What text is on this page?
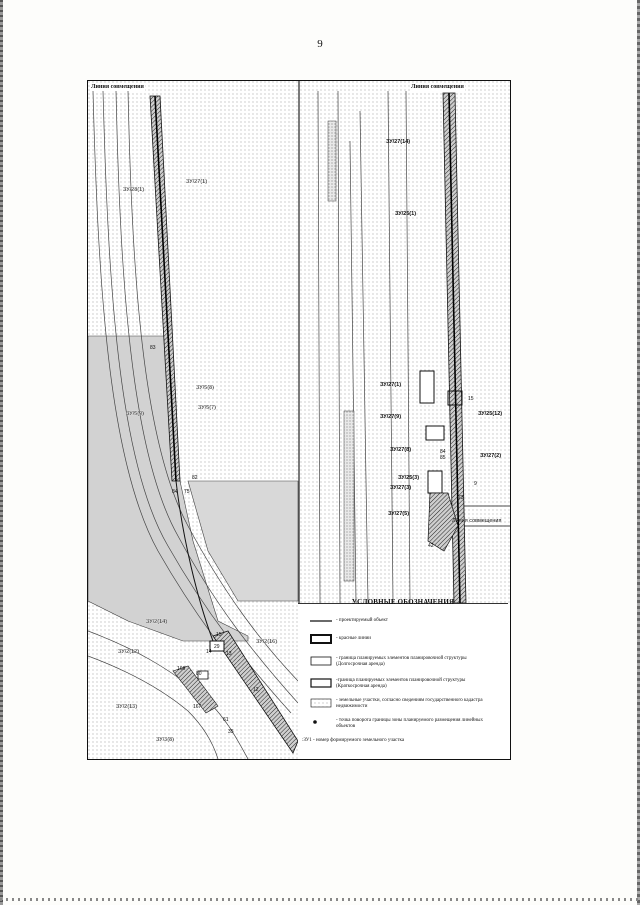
9
ЗУ/27(1)
ЗУ/28(1)
ЗУ/5(8)
ЗУ/5(7)
ЗУ/5(9)
ЗУ/2(16)
ЗУ/2(14)
ЗУ/2(12)
ЗУ/2(13)
ЗУ/3(8)
83
84 75
82
15
14	13
12
29
166
167
61
80
35
ЗУ/27(14)
ЗУ/25(1)
ЗУ/27(1)
ЗУ/27(9)	ЗУ/25(12)
ЗУ/27(8)
ЗУ/27(2)
ЗУ/25(3)
ЗУ/27(3)
ЗУ/27(5)
Линия совмещения
15
84
85
73
9
42
Линия совмещения	Линия совмещения
УСЛОВНЫЕ ОБОЗНАЧЕНИЯ
- проектируемый объект
- красные линии
- граница планируемых элементов планировочной структуры (Долгосрочная аренда)
-граница планируемых элементов планировочной структуры (Краткосрочная аренда)
- земельные участки, согласно сведениям государственного кадастра недвижимости
- точка поворота границы зоны планируемого размещения линейных объектов
:ЗУ1 - номер формируемого земельного участка
